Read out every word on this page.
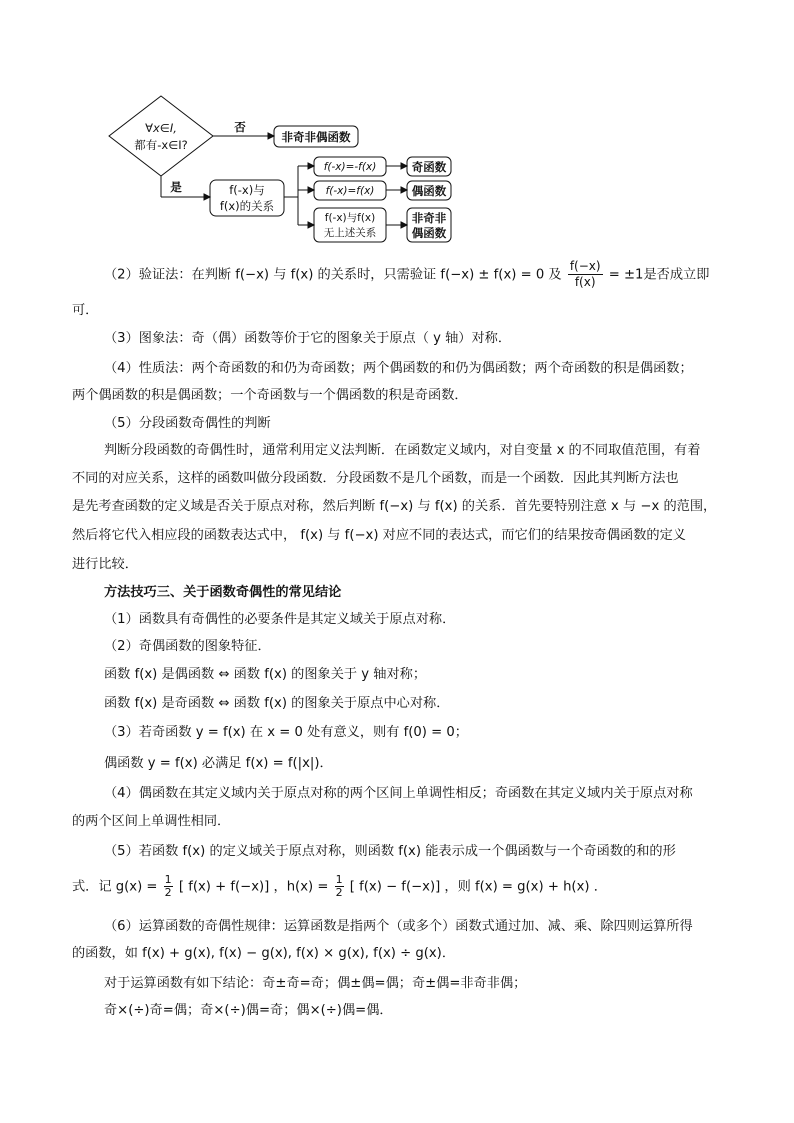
∀x∈I,
都有-x∈I?
否
非奇非偶函数
是	f(-x)与
f(x)的关系
f(-x)=-f(x)
f(-x)=f(x)
f(-x)与f(x)
无上述关系
奇函数
偶函数
非奇非
偶函数
（2）验证法：在判断 f(−x) 与 f(x) 的关系时，只需验证 f(−x) ± f(x) = 0 及 $\frac{f(-x)}{f(x)} = \pm 1$是否成立即
可．
（3）图象法：奇（偶）函数等价于它的图象关于原点（ y 轴）对称．
（4）性质法：两个奇函数的和仍为奇函数；两个偶函数的和仍为偶函数；两个奇函数的积是偶函数；
两个偶函数的积是偶函数；一个奇函数与一个偶函数的积是奇函数．
（5）分段函数奇偶性的判断
判断分段函数的奇偶性时，通常利用定义法判断．在函数定义域内，对自变量 x 的不同取值范围，有着
不同的对应关系，这样的函数叫做分段函数．分段函数不是几个函数，而是一个函数．因此其判断方法也
是先考查函数的定义域是否关于原点对称，然后判断 f(−x) 与 f(x) 的关系．首先要特别注意 x 与 −x 的范围，
然后将它代入相应段的函数表达式中， f(x) 与 f(−x) 对应不同的表达式，而它们的结果按奇偶函数的定义
进行比较．
方法技巧三、关于函数奇偶性的常见结论
（1）函数具有奇偶性的必要条件是其定义域关于原点对称．
（2）奇偶函数的图象特征．
函数 f(x) 是偶函数 ⇔ 函数 f(x) 的图象关于 y 轴对称；
函数 f(x) 是奇函数 ⇔ 函数 f(x) 的图象关于原点中心对称．
（3）若奇函数 y = f(x) 在 x = 0 处有意义，则有 f(0) = 0；
偶函数 y = f(x) 必满足 f(x) = f(|x|)．
（4）偶函数在其定义域内关于原点对称的两个区间上单调性相反；奇函数在其定义域内关于原点对称
的两个区间上单调性相同．
（5）若函数 f(x) 的定义域关于原点对称，则函数 f(x) 能表示成一个偶函数与一个奇函数的和的形
式．记 $g(x) = \frac{1}{2}$ [ f(x) + f(−x)] ，$h(x) = \frac{1}{2}$ [ f(x) − f(−x)] ，则 f(x) = g(x) + h(x) ．
（6）运算函数的奇偶性规律：运算函数是指两个（或多个）函数式通过加、减、乘、除四则运算所得
的函数，如 f(x) + g(x), f(x) − g(x), f(x) × g(x), f(x) ÷ g(x)．
对于运算函数有如下结论：奇±奇=奇；偶±偶=偶；奇±偶=非奇非偶；
奇×(÷)奇=偶；奇×(÷)偶=奇；偶×(÷)偶=偶．
